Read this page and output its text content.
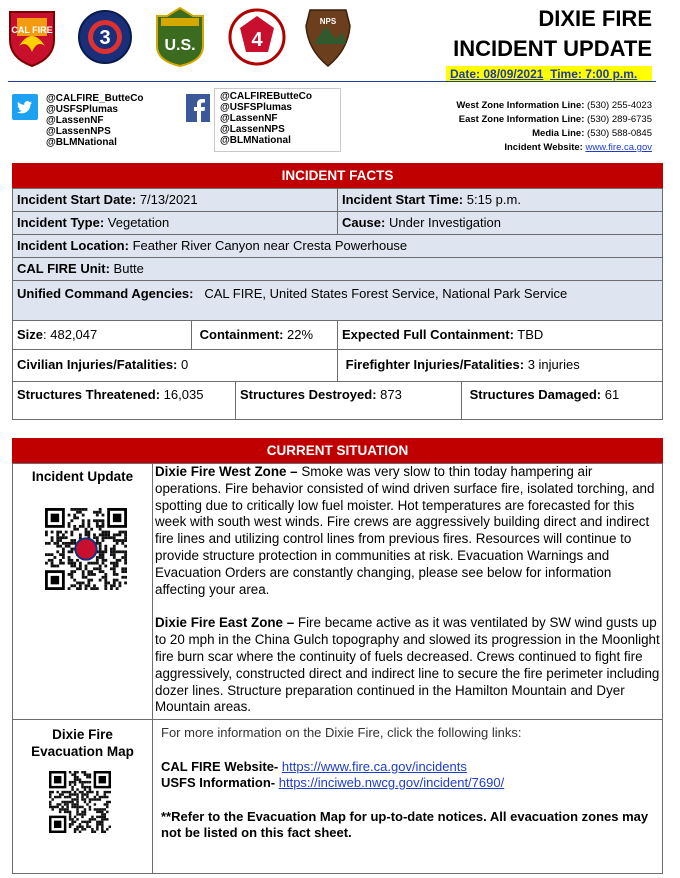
CAL FIRE 3	U.S.	4
NPS	DIXIE FIRE
INCIDENT UPDATE
Date: 08/09/2021 Time: 7:00 p.m.
@CALFIRE_ButteCo
@USFSPlumas
@LassenNF
@LassenNPS
@BLMNational
@CALFIREButteCo
@USFSPlumas
@LassenNF
@LassenNPS
@BLMNational
West Zone Information Line: (530) 255-4023
East Zone Information Line: (530) 289-6735
Media Line: (530) 588-0845
Incident Website: www.fire.ca.gov
INCIDENT FACTS
Incident Start Date: 7/13/2021	Incident Start Time: 5:15 p.m.
Incident Type: Vegetation	Cause: Under Investigation
Incident Location: Feather River Canyon near Cresta Powerhouse
CAL FIRE Unit: Butte
Unified Command Agencies: CAL FIRE, United States Forest Service, National Park Service
Size: 482,047	Containment: 22%	Expected Full Containment: TBD
Civilian Injuries/Fatalities: 0	Firefighter Injuries/Fatalities: 3 injuries
Structures Threatened: 16,035	Structures Destroyed: 873	Structures Damaged: 61
CURRENT SITUATION
Incident Update	Dixie Fire West Zone – Smoke was very slow to thin today hampering air operations. Fire behavior consisted of wind driven surface fire, isolated torching, and spotting due to critically low fuel moister. Hot temperatures are forecasted for this week with south west winds. Fire crews are aggressively building direct and indirect fire lines and utilizing control lines from previous fires. Resources will continue to provide structure protection in communities at risk. Evacuation Warnings and Evacuation Orders are constantly changing, please see below for information affecting your area.
Dixie Fire East Zone – Fire became active as it was ventilated by SW wind gusts up to 20 mph in the China Gulch topography and slowed its progression in the Moonlight fire burn scar where the continuity of fuels decreased. Crews continued to fight fire aggressively, constructed direct and indirect line to secure the fire perimeter including dozer lines. Structure preparation continued in the Hamilton Mountain and Dyer Mountain areas.
Dixie Fire
Evacuation Map
For more information on the Dixie Fire, click the following links:
CAL FIRE Website- https://www.fire.ca.gov/incidents
USFS Information- https://inciweb.nwcg.gov/incident/7690/
**Refer to the Evacuation Map for up-to-date notices. All evacuation zones may not be listed on this fact sheet.
